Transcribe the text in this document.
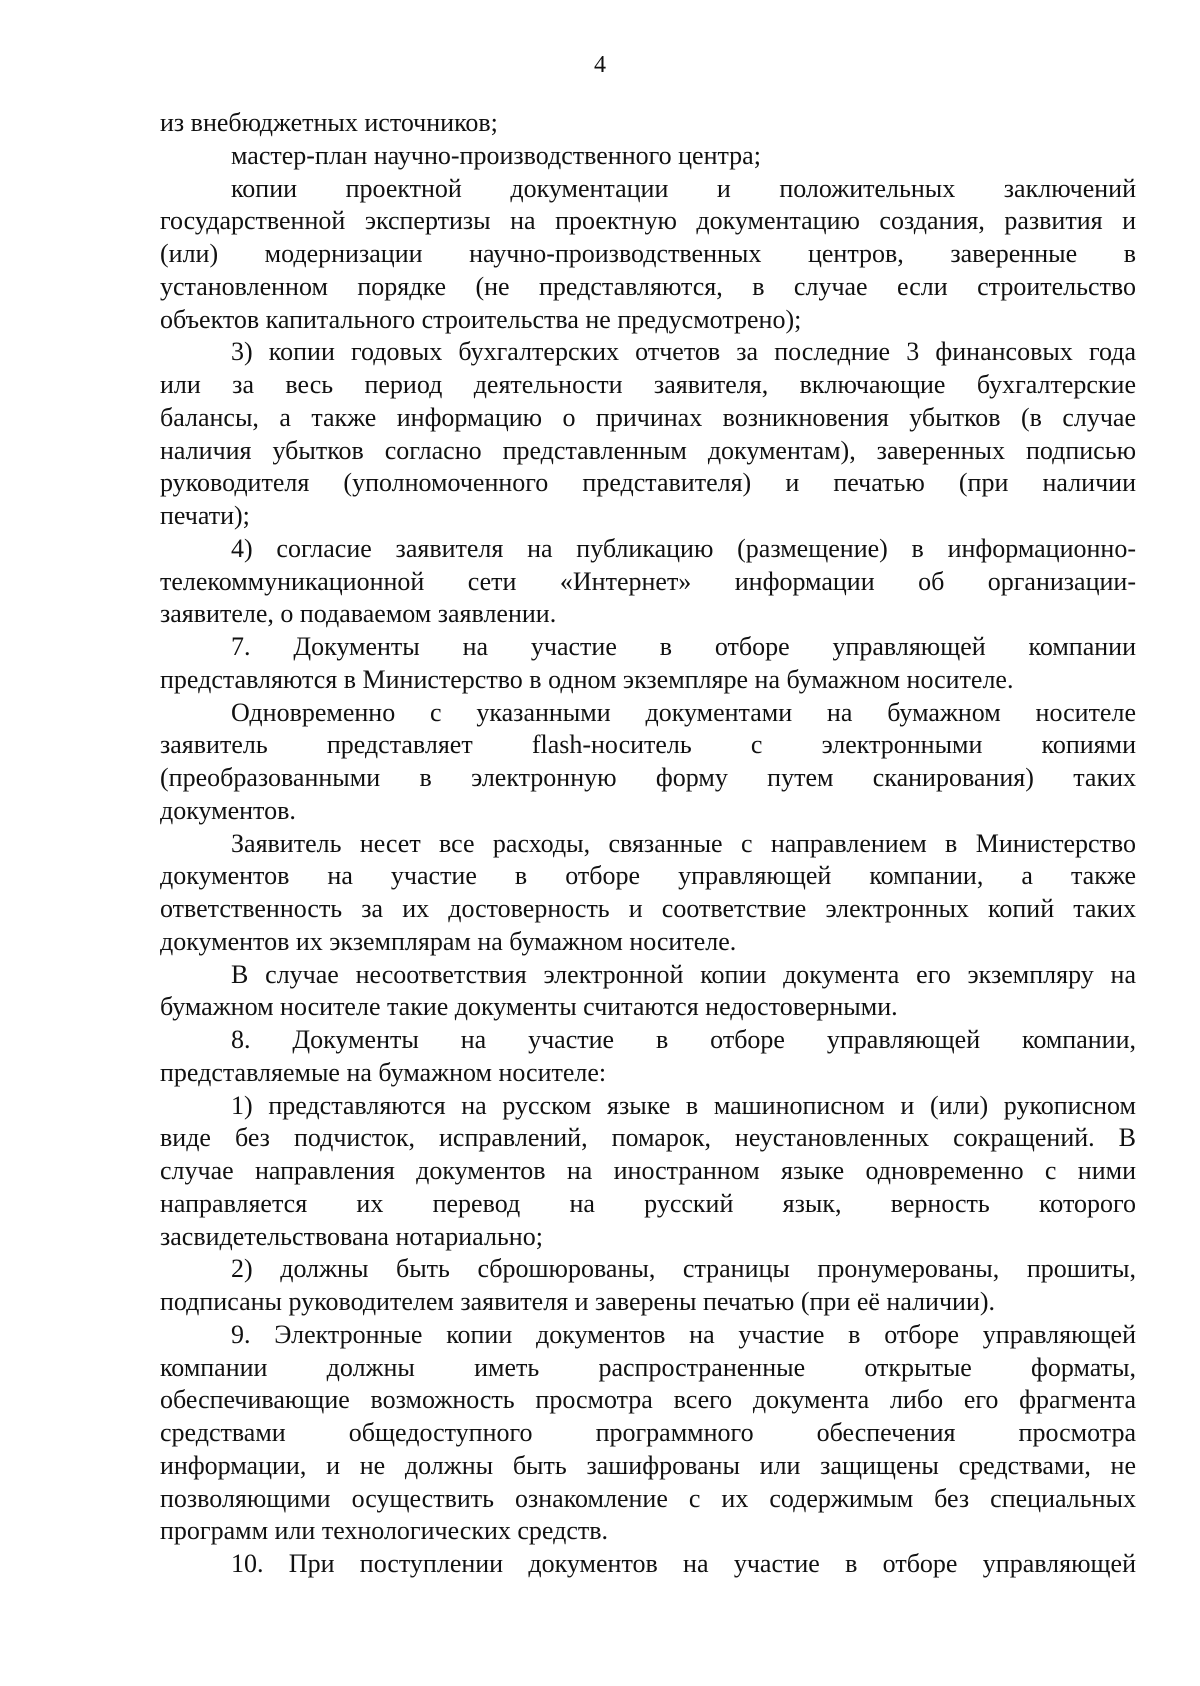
4
из внебюджетных источников;
мастер-план научно-производственного центра;
копии проектной документации и положительных заключений
государственной экспертизы на проектную документацию создания, развития и
(или) модернизации научно-производственных центров, заверенные в
установленном порядке (не представляются, в случае если строительство
объектов капитального строительства не предусмотрено);
3) копии годовых бухгалтерских отчетов за последние 3 финансовых года
или за весь период деятельности заявителя, включающие бухгалтерские
балансы, а также информацию о причинах возникновения убытков (в случае
наличия убытков согласно представленным документам), заверенных подписью
руководителя (уполномоченного представителя) и печатью (при наличии
печати);
4) согласие заявителя на публикацию (размещение) в информационно-
телекоммуникационной сети «Интернет» информации об организации-
заявителе, о подаваемом заявлении.
7. Документы на участие в отборе управляющей компании
представляются в Министерство в одном экземпляре на бумажном носителе.
Одновременно с указанными документами на бумажном носителе
заявитель представляет flash-носитель с электронными копиями
(преобразованными в электронную форму путем сканирования) таких
документов.
Заявитель несет все расходы, связанные с направлением в Министерство
документов на участие в отборе управляющей компании, а также
ответственность за их достоверность и соответствие электронных копий таких
документов их экземплярам на бумажном носителе.
В случае несоответствия электронной копии документа его экземпляру на
бумажном носителе такие документы считаются недостоверными.
8. Документы на участие в отборе управляющей компании,
представляемые на бумажном носителе:
1) представляются на русском языке в машинописном и (или) рукописном
виде без подчисток, исправлений, помарок, неустановленных сокращений. В
случае направления документов на иностранном языке одновременно с ними
направляется их перевод на русский язык, верность которого
засвидетельствована нотариально;
2) должны быть сброшюрованы, страницы пронумерованы, прошиты,
подписаны руководителем заявителя и заверены печатью (при её наличии).
9. Электронные копии документов на участие в отборе управляющей
компании должны иметь распространенные открытые форматы,
обеспечивающие возможность просмотра всего документа либо его фрагмента
средствами общедоступного программного обеспечения просмотра
информации, и не должны быть зашифрованы или защищены средствами, не
позволяющими осуществить ознакомление с их содержимым без специальных
программ или технологических средств.
10. При поступлении документов на участие в отборе управляющей
